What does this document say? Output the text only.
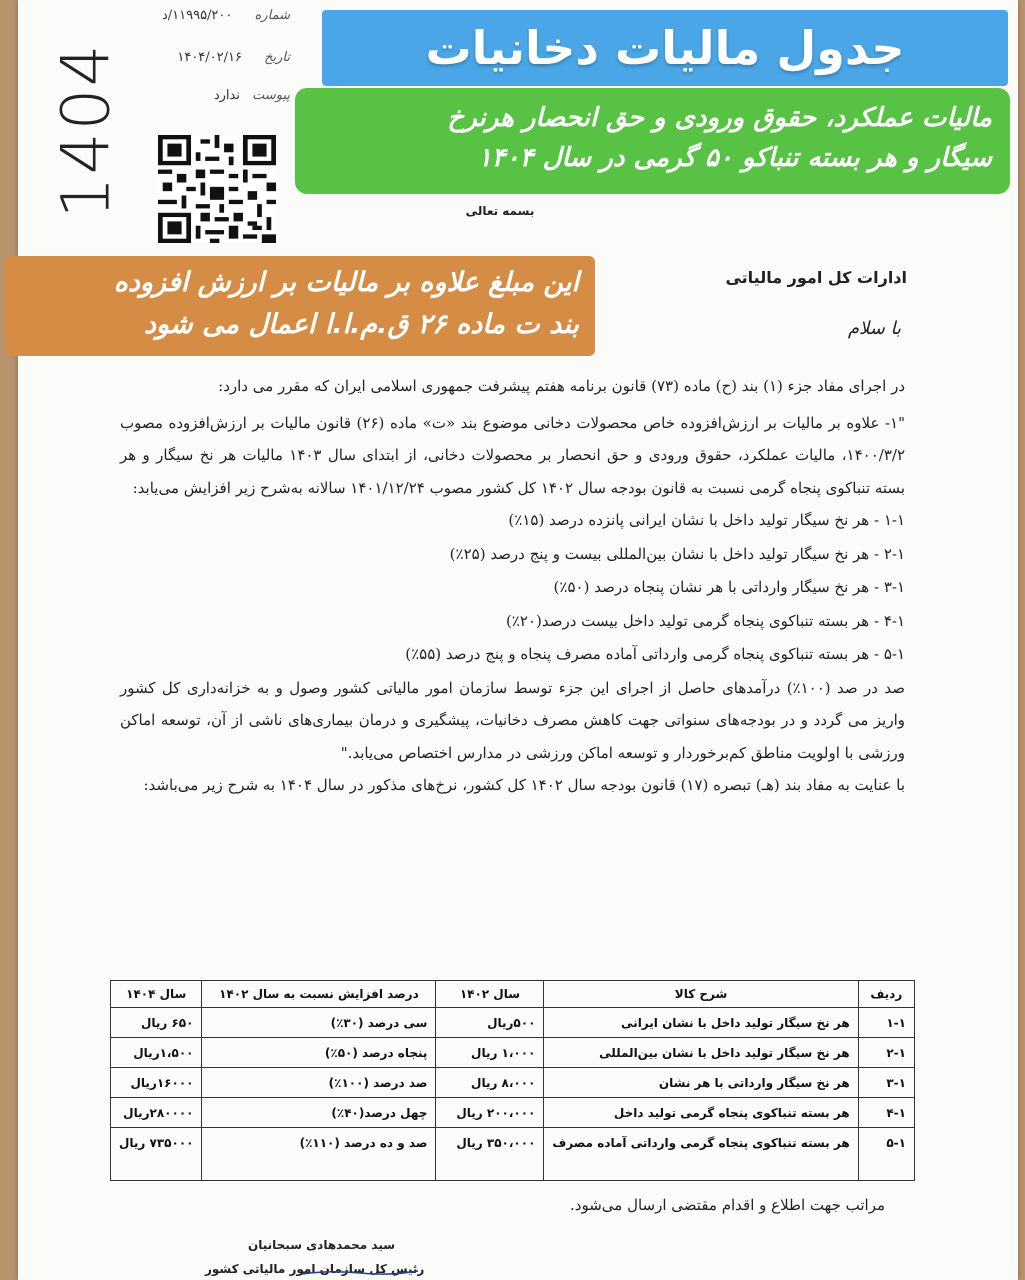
شماره ۱۱۹۹۵/۲۰۰/د
تاریخ ۱۴۰۴/۰۲/۱۶
پیوست ندارد
1404	جدول مالیات دخانیات
مالیات عملکرد، حقوق ورودی و حق انحصار هرنرخ
سیگار و هر بسته تنباکو ۵۰ گرمی در سال ۱۴۰۴
این مبلغ علاوه بر مالیات بر ارزش افزوده
بند ت ماده ۲۶ ق.م.ا.ا اعمال می شود
بسمه تعالی
ادارات کل امور مالیاتی
با سلام

در اجرای مفاد جزء (۱) بند (ح) ماده (۷۳) قانون برنامه هفتم پیشرفت جمهوری اسلامی ایران که مقرر می دارد:

"۱- علاوه بر مالیات بر ارزش‌افزوده خاص محصولات دخانی موضوع بند «ت» ماده (۲۶) قانون مالیات بر ارزش‌افزوده مصوب ۱۴۰۰/۳/۲، مالیات عملکرد، حقوق ورودی و حق انحصار بر محصولات دخانی، از ابتدای سال ۱۴۰۳ مالیات هر نخ سیگار و هر بسته تنباکوی پنجاه گرمی نسبت به قانون بودجه سال ۱۴۰۲ کل کشور مصوب ۱۴۰۱/۱۲/۲۴ سالانه به‌شرح زیر افزایش می‌یابد:

۱-۱ - هر نخ سیگار تولید داخل با نشان ایرانی پانزده درصد (۱۵٪)

۲-۱ - هر نخ سیگار تولید داخل با نشان بین‌المللی بیست و پنج درصد (۲۵٪)

۳-۱ - هر نخ سیگار وارداتی با هر نشان پنجاه درصد (۵۰٪)

۴-۱ - هر بسته تنباکوی پنجاه گرمی تولید داخل بیست درصد(۲۰٪)

۵-۱ - هر بسته تنباکوی پنجاه گرمی وارداتی آماده مصرف پنجاه و پنج درصد (۵۵٪)

صد در صد (۱۰۰٪) درآمدهای حاصل از اجرای این جزء توسط سازمان امور مالیاتی کشور وصول و به خزانه‌داری کل کشور واریز می گردد و در بودجه‌های سنواتی جهت کاهش مصرف دخانیات، پیشگیری و درمان بیماری‌های ناشی از آن، توسعه اماکن ورزشی با اولویت مناطق کم‌برخوردار و توسعه اماکن ورزشی در مدارس اختصاص می‌یابد."

با عنایت به مفاد بند (هـ) تبصره (۱۷) قانون بودجه سال ۱۴۰۲ کل کشور، نرخ‌های مذکور در سال ۱۴۰۴ به شرح زیر می‌باشد:

ردیف	شرح کالا	سال ۱۴۰۲	درصد افزایش نسبت به سال ۱۴۰۲	سال ۱۴۰۴
۱-۱	هر نخ سیگار تولید داخل با نشان ایرانی	۵۰۰ریال	سی درصد (۳۰٪)	۶۵۰ ریال
۲-۱	هر نخ سیگار تولید داخل با نشان بین‌المللی	۱،۰۰۰ ریال	پنجاه درصد (۵۰٪)	۱،۵۰۰ریال
۳-۱	هر نخ سیگار وارداتی با هر نشان	۸،۰۰۰ ریال	صد درصد (۱۰۰٪)	۱۶۰۰۰ریال
۴-۱	هر بسته تنباکوی پنجاه گرمی تولید داخل	۲۰۰،۰۰۰ ریال	چهل درصد(۴۰٪)	۲۸۰۰۰۰ریال
۵-۱	هر بسته تنباکوی پنجاه گرمی وارداتی آماده مصرف	۳۵۰،۰۰۰ ریال	صد و ده درصد (۱۱۰٪)	۷۳۵۰۰۰ ریال
مراتب جهت اطلاع و اقدام مقتضی ارسال می‌شود.
سید محمدهادی سبحانیان
رئیس کل سازمان امور مالیاتی کشور
